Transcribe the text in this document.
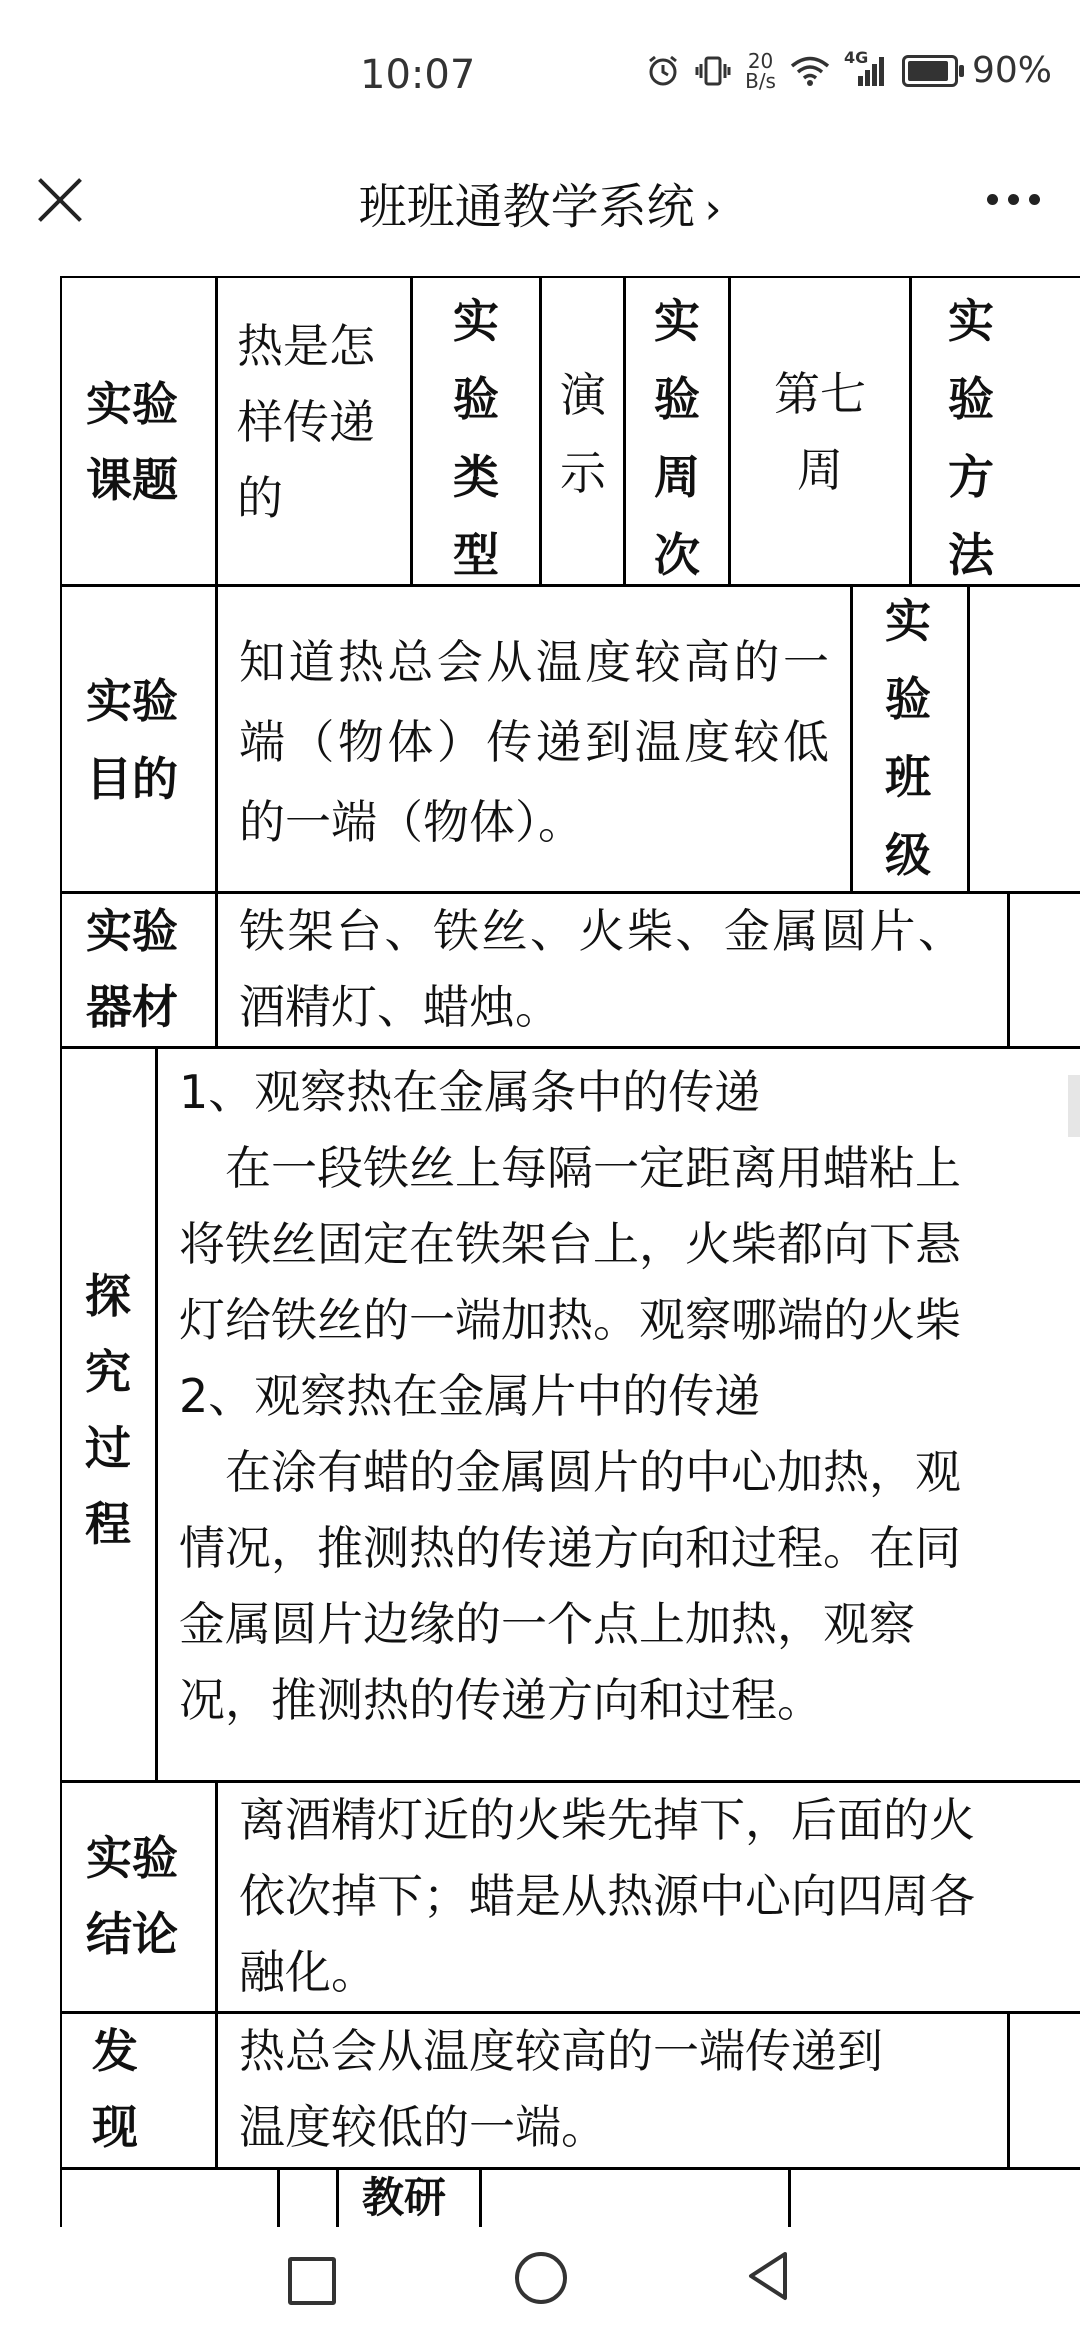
10:07	20
B/s
4G	90%
班班通教学系统 ›
实验课题
热是怎样传递的
实验类型
演示
实验周次
第七周
实验方法
实验目的
知道热总会从温度较高的一端（物体）传递到温度较低的一端（物体）。
实验班级
实验器材
铁架台、铁丝、火柴、金属圆片、酒精灯、蜡烛。
探究过程
1、观察热在金属条中的传递
　在一段铁丝上每隔一定距离用蜡粘上
将铁丝固定在铁架台上，火柴都向下悬
灯给铁丝的一端加热。观察哪端的火柴
2、观察热在金属片中的传递
　在涂有蜡的金属圆片的中心加热，观
情况，推测热的传递方向和过程。在同
金属圆片边缘的一个点上加热，观察
况，推测热的传递方向和过程。
实验结论
离酒精灯近的火柴先掉下，后面的火
依次掉下；蜡是从热源中心向四周各
融化。
发现
热总会从温度较高的一端传递到
温度较低的一端。
教研
